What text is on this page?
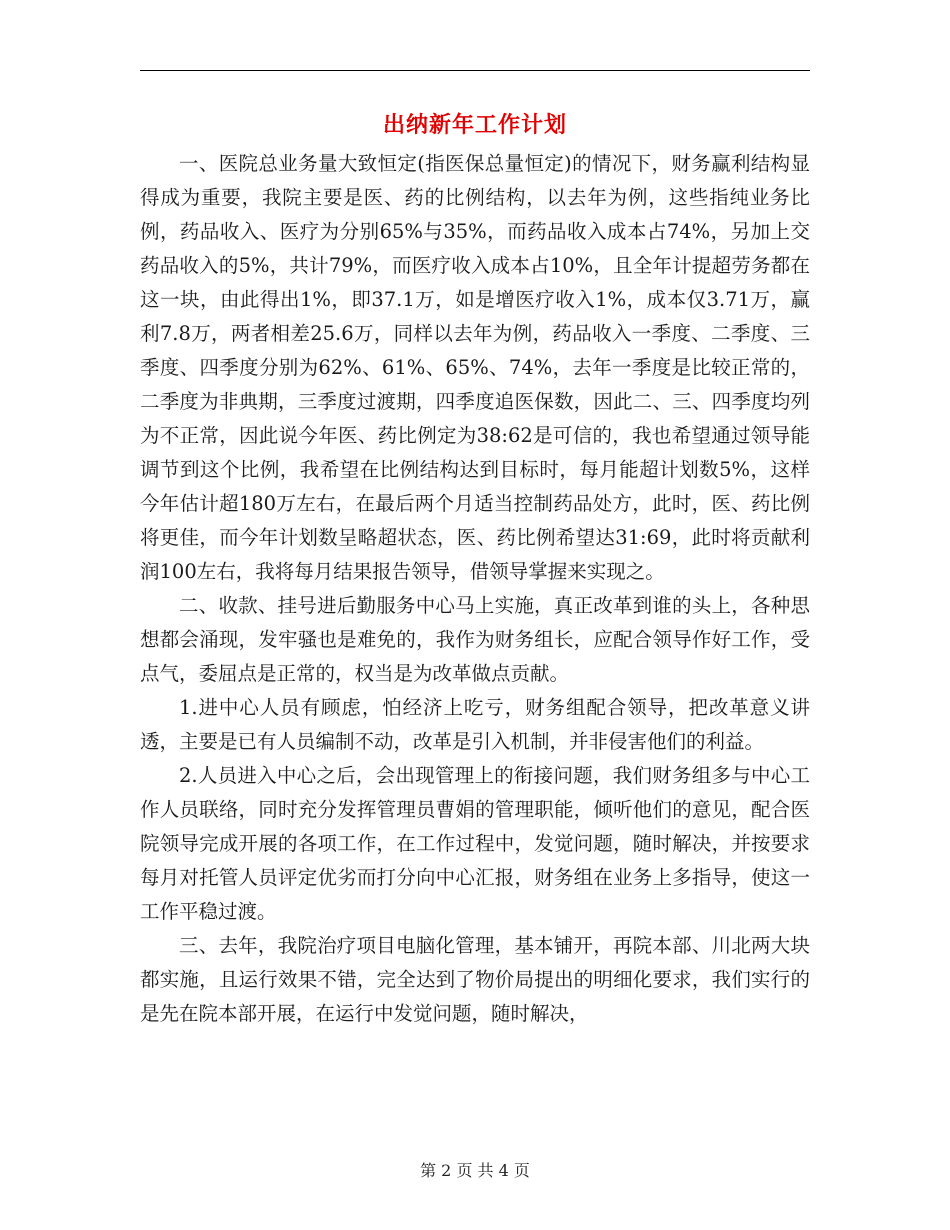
出纳新年工作计划

一、医院总业务量大致恒定(指医保总量恒定)的情况下，财务赢利结构显得成为重要，我院主要是医、药的比例结构，以去年为例，这些指纯业务比例，药品收入、医疗为分别65%与35%，而药品收入成本占74%，另加上交药品收入的5%，共计79%，而医疗收入成本占10%，且全年计提超劳务都在这一块，由此得出1%，即37.1万，如是增医疗收入1%，成本仅3.71万，赢利7.8万，两者相差25.6万，同样以去年为例，药品收入一季度、二季度、三季度、四季度分别为62%、61%、65%、74%，去年一季度是比较正常的，二季度为非典期，三季度过渡期，四季度追医保数，因此二、三、四季度均列为不正常，因此说今年医、药比例定为38:62是可信的，我也希望通过领导能调节到这个比例，我希望在比例结构达到目标时，每月能超计划数5%，这样今年估计超180万左右，在最后两个月适当控制药品处方，此时，医、药比例将更佳，而今年计划数呈略超状态，医、药比例希望达31:69，此时将贡献利润100左右，我将每月结果报告领导，借领导掌握来实现之。

二、收款、挂号进后勤服务中心马上实施，真正改革到谁的头上，各种思想都会涌现，发牢骚也是难免的，我作为财务组长，应配合领导作好工作，受点气，委屈点是正常的，权当是为改革做点贡献。

1.进中心人员有顾虑，怕经济上吃亏，财务组配合领导，把改革意义讲透，主要是已有人员编制不动，改革是引入机制，并非侵害他们的利益。

2.人员进入中心之后，会出现管理上的衔接问题，我们财务组多与中心工作人员联络，同时充分发挥管理员曹娟的管理职能，倾听他们的意见，配合医院领导完成开展的各项工作，在工作过程中，发觉问题，随时解决，并按要求每月对托管人员评定优劣而打分向中心汇报，财务组在业务上多指导，使这一工作平稳过渡。

三、去年，我院治疗项目电脑化管理，基本铺开，再院本部、川北两大块都实施，且运行效果不错，完全达到了物价局提出的明细化要求，我们实行的是先在院本部开展，在运行中发觉问题，随时解决，

第 2 页 共 4 页
